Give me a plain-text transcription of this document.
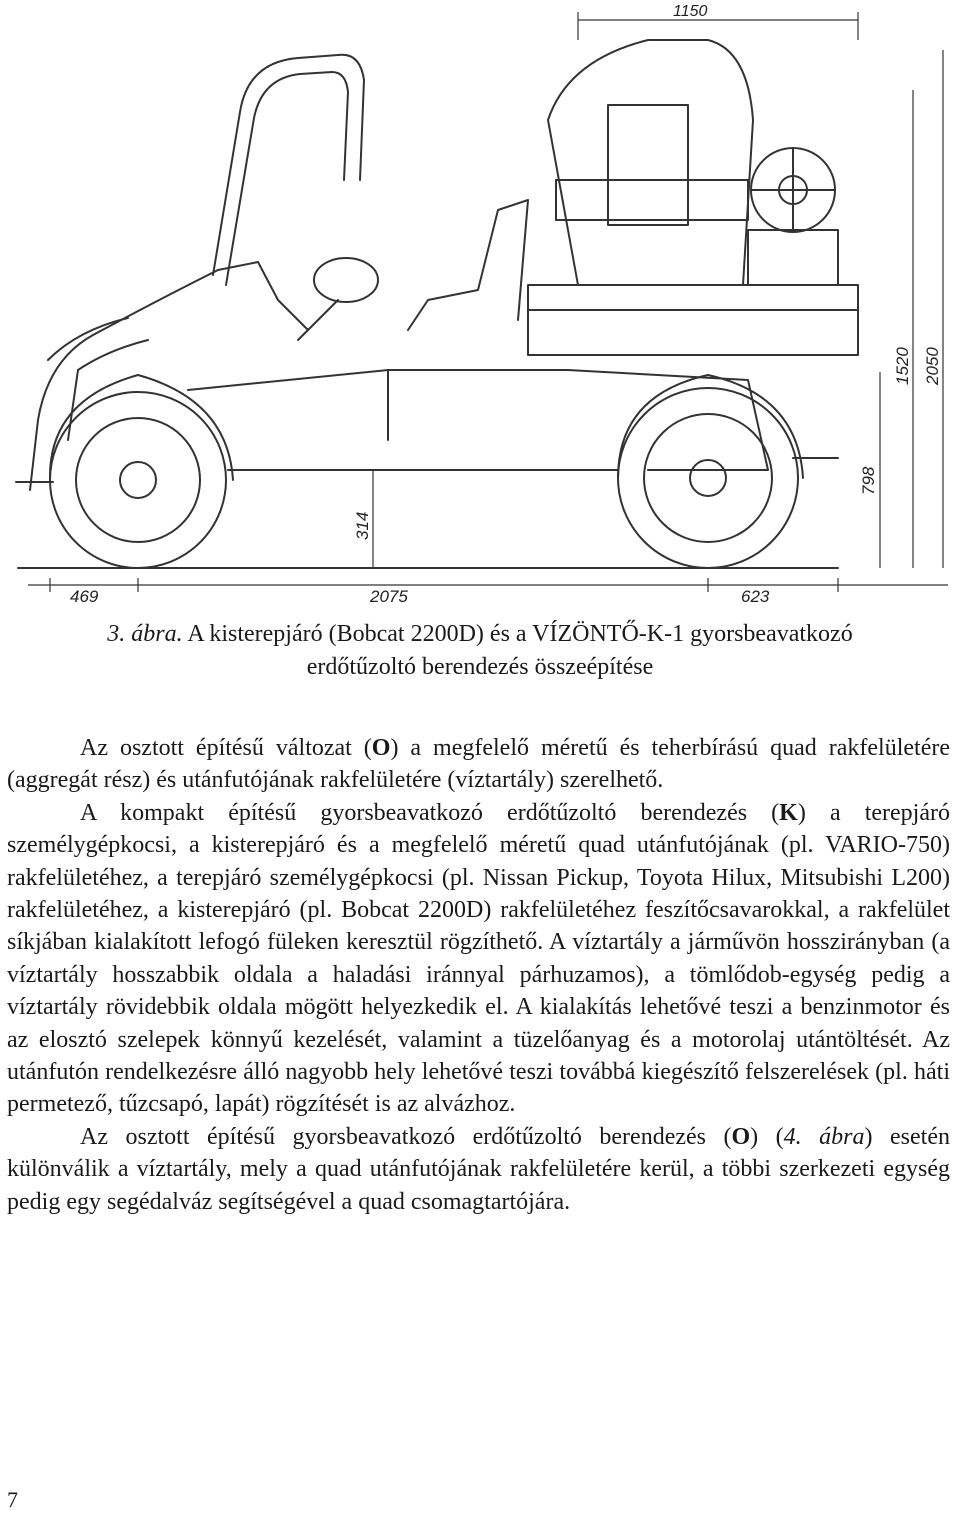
1150
2050
1520
798
314
469	2075	623
3. ábra. A kisterepjáró (Bobcat 2200D) és a VÍZÖNTŐ-K-1 gyorsbeavatkozó
erdőtűzoltó berendezés összeépítése

Az osztott építésű változat (O) a megfelelő méretű és teherbírású quad rakfelületére (aggregát rész) és utánfutójának rakfelületére (víztartály) szerelhető.

A kompakt építésű gyorsbeavatkozó erdőtűzoltó berendezés (K) a terepjáró személygépkocsi, a kisterepjáró és a megfelelő méretű quad utánfutójának (pl. VARIO-750) rakfelületéhez, a terepjáró személygépkocsi (pl. Nissan Pickup, Toyota Hilux, Mitsubishi L200) rakfelületéhez, a kisterepjáró (pl. Bobcat 2200D) rakfelületéhez feszítőcsavarokkal, a rakfelület síkjában kialakított lefogó füleken keresztül rögzíthető. A víztartály a járművön hosszirányban (a víztartály hosszabbik oldala a haladási iránnyal párhuzamos), a tömlődob-egység pedig a víztartály rövidebbik oldala mögött helyezkedik el. A kialakítás lehetővé teszi a benzinmotor és az elosztó szelepek könnyű kezelését, valamint a tüzelőanyag és a motorolaj utántöltését. Az utánfutón rendelkezésre álló nagyobb hely lehetővé teszi továbbá kiegészítő felszerelések (pl. háti permetező, tűzcsapó, lapát) rögzítését is az alvázhoz.

Az osztott építésű gyorsbeavatkozó erdőtűzoltó berendezés (O) (4. ábra) esetén különválik a víztartály, mely a quad utánfutójának rakfelületére kerül, a többi szerkezeti egység pedig egy segédalváz segítségével a quad csomagtartójára.

7
